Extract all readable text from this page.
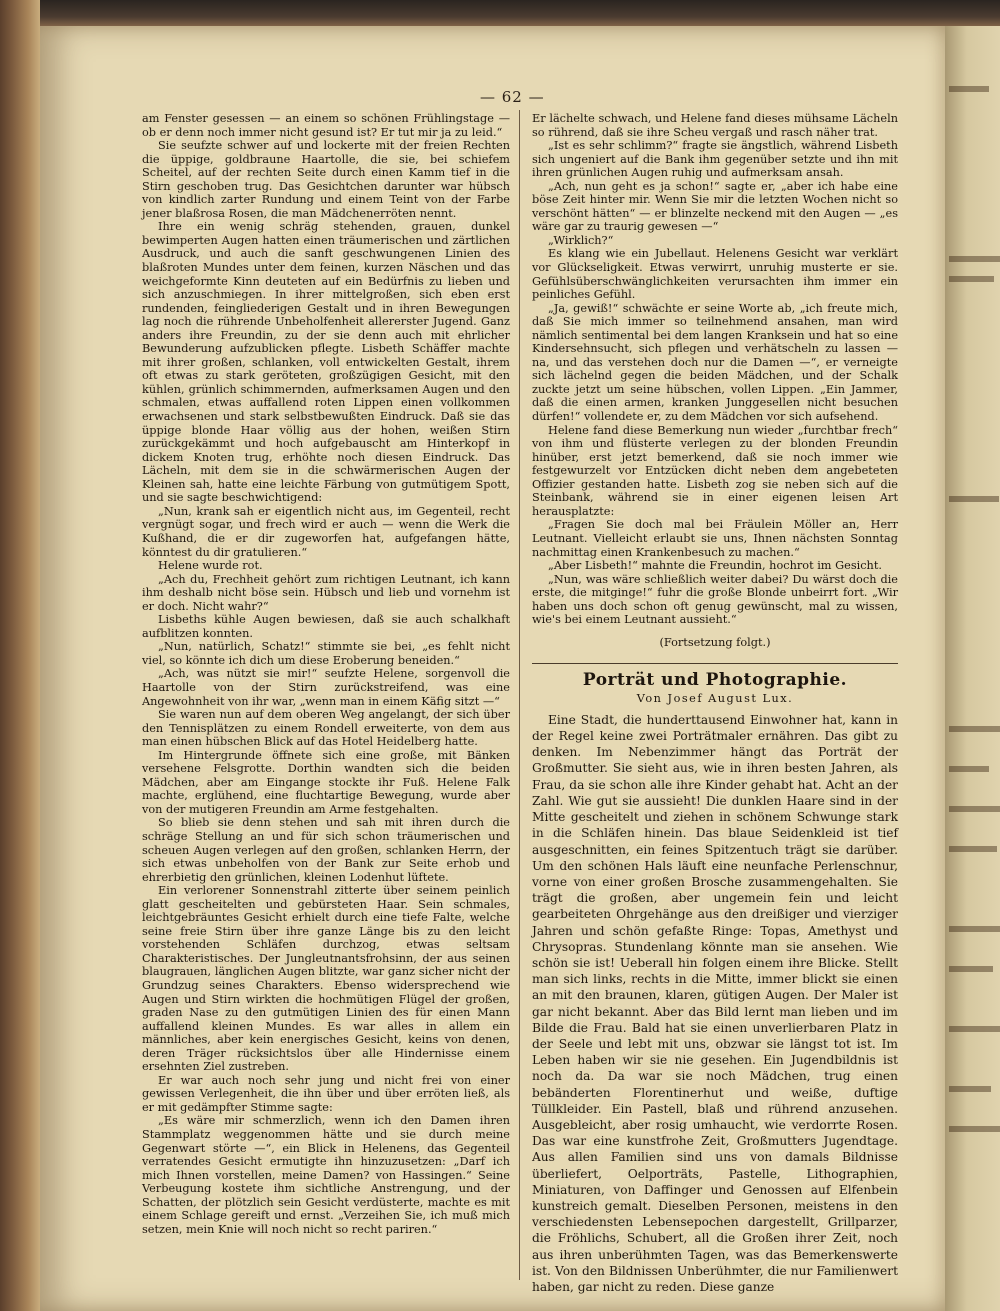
— 62 —

am Fenster gesessen — an einem so schönen Frühlingstage — ob er denn noch immer nicht gesund ist? Er tut mir ja zu leid.“

Sie seufzte schwer auf und lockerte mit der freien Rechten die üppige, goldbraune Haartolle, die sie, bei schiefem Scheitel, auf der rechten Seite durch einen Kamm tief in die Stirn geschoben trug. Das Gesichtchen darunter war hübsch von kindlich zarter Rundung und einem Teint von der Farbe jener blaßrosa Rosen, die man Mädchenerröten nennt.

Ihre ein wenig schräg stehenden, grauen, dunkel bewimperten Augen hatten einen träumerischen und zärtlichen Ausdruck, und auch die sanft geschwungenen Linien des blaßroten Mundes unter dem feinen, kurzen Näschen und das weichgeformte Kinn deuteten auf ein Bedürfnis zu lieben und sich anzuschmiegen. In ihrer mittelgroßen, sich eben erst rundenden, feingliederigen Gestalt und in ihren Bewegungen lag noch die rührende Unbeholfenheit allererster Jugend. Ganz anders ihre Freundin, zu der sie denn auch mit ehrlicher Bewunderung aufzublicken pflegte. Lisbeth Schäffer machte mit ihrer großen, schlanken, voll entwickelten Gestalt, ihrem oft etwas zu stark geröteten, großzügigen Gesicht, mit den kühlen, grünlich schimmernden, aufmerksamen Augen und den schmalen, etwas auffallend roten Lippen einen vollkommen erwachsenen und stark selbstbewußten Eindruck. Daß sie das üppige blonde Haar völlig aus der hohen, weißen Stirn zurückgekämmt und hoch aufgebauscht am Hinterkopf in dickem Knoten trug, erhöhte noch diesen Eindruck. Das Lächeln, mit dem sie in die schwärmerischen Augen der Kleinen sah, hatte eine leichte Färbung von gutmütigem Spott, und sie sagte beschwichtigend:

„Nun, krank sah er eigentlich nicht aus, im Gegenteil, recht vergnügt sogar, und frech wird er auch — wenn die Werk die Kußhand, die er dir zugeworfen hat, aufgefangen hätte, könntest du dir gratulieren.“

Helene wurde rot.

„Ach du, Frechheit gehört zum richtigen Leutnant, ich kann ihm deshalb nicht böse sein. Hübsch und lieb und vornehm ist er doch. Nicht wahr?“

Lisbeths kühle Augen bewiesen, daß sie auch schalkhaft aufblitzen konnten.

„Nun, natürlich, Schatz!“ stimmte sie bei, „es fehlt nicht viel, so könnte ich dich um diese Eroberung beneiden.“

„Ach, was nützt sie mir!“ seufzte Helene, sorgenvoll die Haartolle von der Stirn zurückstreifend, was eine Angewohnheit von ihr war, „wenn man in einem Käfig sitzt —“

Sie waren nun auf dem oberen Weg angelangt, der sich über den Tennisplätzen zu einem Rondell erweiterte, von dem aus man einen hübschen Blick auf das Hotel Heidelberg hatte.

Im Hintergrunde öffnete sich eine große, mit Bänken versehene Felsgrotte. Dorthin wandten sich die beiden Mädchen, aber am Eingange stockte ihr Fuß. Helene Falk machte, erglühend, eine fluchtartige Bewegung, wurde aber von der mutigeren Freundin am Arme festgehalten.

So blieb sie denn stehen und sah mit ihren durch die schräge Stellung an und für sich schon träumerischen und scheuen Augen verlegen auf den großen, schlanken Herrn, der sich etwas unbeholfen von der Bank zur Seite erhob und ehrerbietig den grünlichen, kleinen Lodenhut lüftete.

Ein verlorener Sonnenstrahl zitterte über seinem peinlich glatt gescheitelten und gebürsteten Haar. Sein schmales, leichtgebräuntes Gesicht erhielt durch eine tiefe Falte, welche seine freie Stirn über ihre ganze Länge bis zu den leicht vorstehenden Schläfen durchzog, etwas seltsam Charakteristisches. Der Jungleutnantsfrohsinn, der aus seinen blaugrauen, länglichen Augen blitzte, war ganz sicher nicht der Grundzug seines Charakters. Ebenso widersprechend wie Augen und Stirn wirkten die hochmütigen Flügel der großen, graden Nase zu den gutmütigen Linien des für einen Mann auffallend kleinen Mundes. Es war alles in allem ein männliches, aber kein energisches Gesicht, keins von denen, deren Träger rücksichtslos über alle Hindernisse einem ersehnten Ziel zustreben.

Er war auch noch sehr jung und nicht frei von einer gewissen Verlegenheit, die ihn über und über erröten ließ, als er mit gedämpfter Stimme sagte:

„Es wäre mir schmerzlich, wenn ich den Damen ihren Stammplatz weggenommen hätte und sie durch meine Gegenwart störte —“, ein Blick in Helenens, das Gegenteil verratendes Gesicht ermutigte ihn hinzuzusetzen: „Darf ich mich Ihnen vorstellen, meine Damen? von Hassingen.“ Seine Verbeugung kostete ihm sichtliche Anstrengung, und der Schatten, der plötzlich sein Gesicht verdüsterte, machte es mit einem Schlage gereift und ernst. „Verzeihen Sie, ich muß mich setzen, mein Knie will noch nicht so recht pariren.“

Er lächelte schwach, und Helene fand dieses mühsame Lächeln so rührend, daß sie ihre Scheu vergaß und rasch näher trat.

„Ist es sehr schlimm?“ fragte sie ängstlich, während Lisbeth sich ungeniert auf die Bank ihm gegenüber setzte und ihn mit ihren grünlichen Augen ruhig und aufmerksam ansah.

„Ach, nun geht es ja schon!“ sagte er, „aber ich habe eine böse Zeit hinter mir. Wenn Sie mir die letzten Wochen nicht so verschönt hätten“ — er blinzelte neckend mit den Augen — „es wäre gar zu traurig gewesen —“

„Wirklich?“

Es klang wie ein Jubellaut. Helenens Gesicht war verklärt vor Glückseligkeit. Etwas verwirrt, unruhig musterte er sie. Gefühlsüberschwänglichkeiten verursachten ihm immer ein peinliches Gefühl.

„Ja, gewiß!“ schwächte er seine Worte ab, „ich freute mich, daß Sie mich immer so teilnehmend ansahen, man wird nämlich sentimental bei dem langen Kranksein und hat so eine Kindersehnsucht, sich pflegen und verhätscheln zu lassen — na, und das verstehen doch nur die Damen —“, er verneigte sich lächelnd gegen die beiden Mädchen, und der Schalk zuckte jetzt um seine hübschen, vollen Lippen. „Ein Jammer, daß die einen armen, kranken Junggesellen nicht besuchen dürfen!“ vollendete er, zu dem Mädchen vor sich aufsehend.

Helene fand diese Bemerkung nun wieder „furchtbar frech“ von ihm und flüsterte verlegen zu der blonden Freundin hinüber, erst jetzt bemerkend, daß sie noch immer wie festgewurzelt vor Entzücken dicht neben dem angebeteten Offizier gestanden hatte. Lisbeth zog sie neben sich auf die Steinbank, während sie in einer eigenen leisen Art herausplatzte:

„Fragen Sie doch mal bei Fräulein Möller an, Herr Leutnant. Vielleicht erlaubt sie uns, Ihnen nächsten Sonntag nachmittag einen Krankenbesuch zu machen.“

„Aber Lisbeth!“ mahnte die Freundin, hochrot im Gesicht.

„Nun, was wäre schließlich weiter dabei? Du wärst doch die erste, die mitginge!“ fuhr die große Blonde unbeirrt fort. „Wir haben uns doch schon oft genug gewünscht, mal zu wissen, wie's bei einem Leutnant aussieht.“

(Fortsetzung folgt.)

Porträt und Photographie.

Von Josef August Lux.

Eine Stadt, die hunderttausend Einwohner hat, kann in der Regel keine zwei Porträtmaler ernähren. Das gibt zu denken. Im Nebenzimmer hängt das Porträt der Großmutter. Sie sieht aus, wie in ihren besten Jahren, als Frau, da sie schon alle ihre Kinder gehabt hat. Acht an der Zahl. Wie gut sie aussieht! Die dunklen Haare sind in der Mitte gescheitelt und ziehen in schönem Schwunge stark in die Schläfen hinein. Das blaue Seidenkleid ist tief ausgeschnitten, ein feines Spitzentuch trägt sie darüber. Um den schönen Hals läuft eine neunfache Perlenschnur, vorne von einer großen Brosche zusammengehalten. Sie trägt die großen, aber ungemein fein und leicht gearbeiteten Ohrgehänge aus den dreißiger und vierziger Jahren und schön gefaßte Ringe: Topas, Amethyst und Chrysopras. Stundenlang könnte man sie ansehen. Wie schön sie ist! Ueberall hin folgen einem ihre Blicke. Stellt man sich links, rechts in die Mitte, immer blickt sie einen an mit den braunen, klaren, gütigen Augen. Der Maler ist gar nicht bekannt. Aber das Bild lernt man lieben und im Bilde die Frau. Bald hat sie einen unverlierbaren Platz in der Seele und lebt mit uns, obzwar sie längst tot ist. Im Leben haben wir sie nie gesehen. Ein Jugendbildnis ist noch da. Da war sie noch Mädchen, trug einen bebänderten Florentinerhut und weiße, duftige Tüllkleider. Ein Pastell, blaß und rührend anzusehen. Ausgebleicht, aber rosig umhaucht, wie verdorrte Rosen. Das war eine kunstfrohe Zeit, Großmutters Jugendtage. Aus allen Familien sind uns von damals Bildnisse überliefert, Oelporträts, Pastelle, Lithographien, Miniaturen, von Daffinger und Genossen auf Elfenbein kunstreich gemalt. Dieselben Personen, meistens in den verschiedensten Lebensepochen dargestellt, Grillparzer, die Fröhlichs, Schubert, all die Großen ihrer Zeit, noch aus ihren unberühmten Tagen, was das Bemerkenswerte ist. Von den Bildnissen Unberühmter, die nur Familienwert haben, gar nicht zu reden. Diese ganze
